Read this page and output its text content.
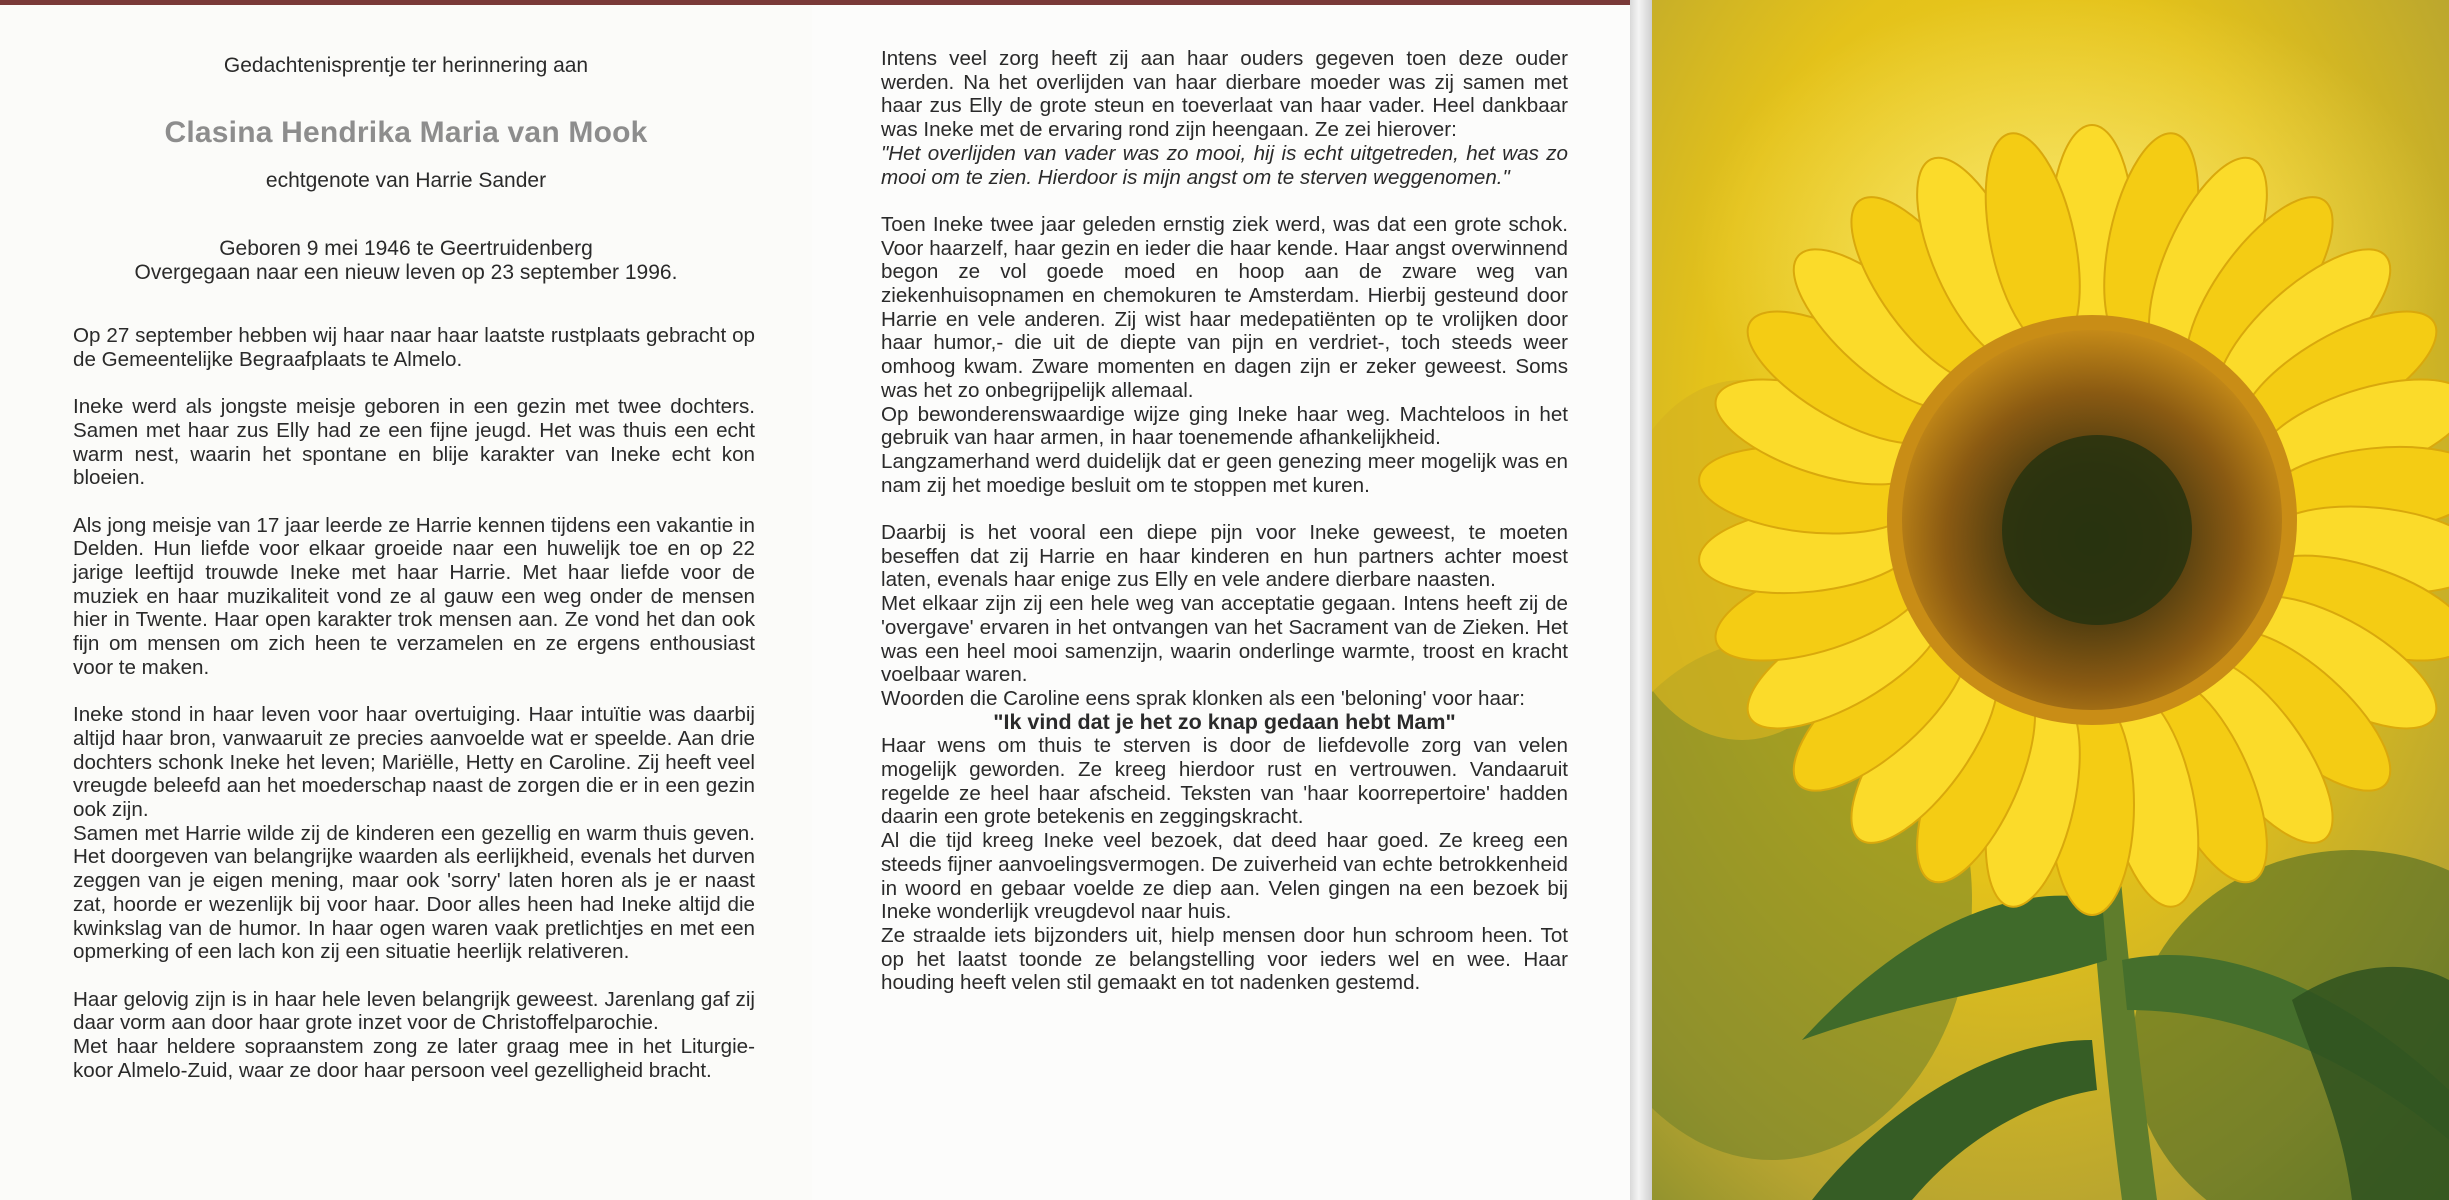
Gedachtenisprentje ter herinnering aan
Clasina Hendrika Maria van Mook
echtgenote van Harrie Sander
Geboren 9 mei 1946 te Geertruidenberg
Overgegaan naar een nieuw leven op 23 september 1996.

Op 27 september hebben wij haar naar haar laatste rustplaats gebracht op de Gemeentelijke Begraafplaats te Almelo.

Ineke werd als jongste meisje geboren in een gezin met twee dochters. Samen met haar zus Elly had ze een fijne jeugd. Het was thuis een echt warm nest, waarin het spontane en blije karakter van Ineke echt kon bloeien.

Als jong meisje van 17 jaar leerde ze Harrie kennen tijdens een vakantie in Delden. Hun liefde voor elkaar groeide naar een huwelijk toe en op 22 jarige leeftijd trouwde Ineke met haar Harrie. Met haar liefde voor de muziek en haar muzikaliteit vond ze al gauw een weg onder de mensen hier in Twente. Haar open karakter trok mensen aan. Ze vond het dan ook fijn om mensen om zich heen te verzamelen en ze ergens enthousiast voor te maken.

Ineke stond in haar leven voor haar overtuiging. Haar intuïtie was daarbij altijd haar bron, vanwaaruit ze precies aanvoelde wat er speelde. Aan drie dochters schonk Ineke het leven; Mariëlle, Hetty en Caroline. Zij heeft veel vreugde beleefd aan het moederschap naast de zorgen die er in een gezin ook zijn.

Samen met Harrie wilde zij de kinderen een gezellig en warm thuis geven. Het doorgeven van belangrijke waarden als eerlijkheid, evenals het durven zeggen van je eigen mening, maar ook 'sorry' laten horen als je er naast zat, hoorde er wezenlijk bij voor haar. Door alles heen had Ineke altijd die kwinkslag van de humor. In haar ogen waren vaak pretlichtjes en met een opmerking of een lach kon zij een situatie heerlijk relativeren.

Haar gelovig zijn is in haar hele leven belangrijk geweest. Jarenlang gaf zij daar vorm aan door haar grote inzet voor de Christoffelparochie.

Met haar heldere sopraanstem zong ze later graag mee in het Liturgie-koor Almelo-Zuid, waar ze door haar persoon veel gezelligheid bracht.

Intens veel zorg heeft zij aan haar ouders gegeven toen deze ouder werden. Na het overlijden van haar dierbare moeder was zij samen met haar zus Elly de grote steun en toeverlaat van haar vader. Heel dankbaar was Ineke met de ervaring rond zijn heengaan. Ze zei hierover:

"Het overlijden van vader was zo mooi, hij is echt uitgetreden, het was zo mooi om te zien. Hierdoor is mijn angst om te sterven weggenomen."

Toen Ineke twee jaar geleden ernstig ziek werd, was dat een grote schok. Voor haarzelf, haar gezin en ieder die haar kende. Haar angst overwinnend begon ze vol goede moed en hoop aan de zware weg van ziekenhuisopnamen en chemokuren te Amsterdam. Hierbij gesteund door Harrie en vele anderen. Zij wist haar medepatiënten op te vrolijken door haar humor,- die uit de diepte van pijn en verdriet-, toch steeds weer omhoog kwam. Zware momenten en dagen zijn er zeker geweest. Soms was het zo onbegrijpelijk allemaal.

Op bewonderenswaardige wijze ging Ineke haar weg. Machteloos in het gebruik van haar armen, in haar toenemende afhankelijkheid.

Langzamerhand werd duidelijk dat er geen genezing meer mogelijk was en nam zij het moedige besluit om te stoppen met kuren.

Daarbij is het vooral een diepe pijn voor Ineke geweest, te moeten beseffen dat zij Harrie en haar kinderen en hun partners achter moest laten, evenals haar enige zus Elly en vele andere dierbare naasten.

Met elkaar zijn zij een hele weg van acceptatie gegaan. Intens heeft zij de 'overgave' ervaren in het ontvangen van het Sacrament van de Zieken. Het was een heel mooi samenzijn, waarin onderlinge warmte, troost en kracht voelbaar waren.

Woorden die Caroline eens sprak klonken als een 'beloning' voor haar:

"Ik vind dat je het zo knap gedaan hebt Mam"

Haar wens om thuis te sterven is door de liefdevolle zorg van velen mogelijk geworden. Ze kreeg hierdoor rust en vertrouwen. Vandaaruit regelde ze heel haar afscheid. Teksten van 'haar koorrepertoire' hadden daarin een grote betekenis en zeggingskracht.

Al die tijd kreeg Ineke veel bezoek, dat deed haar goed. Ze kreeg een steeds fijner aanvoelingsvermogen. De zuiverheid van echte betrokkenheid in woord en gebaar voelde ze diep aan. Velen gingen na een bezoek bij Ineke wonderlijk vreugdevol naar huis.

Ze straalde iets bijzonders uit, hielp mensen door hun schroom heen. Tot op het laatst toonde ze belangstelling voor ieders wel en wee. Haar houding heeft velen stil gemaakt en tot nadenken gestemd.
